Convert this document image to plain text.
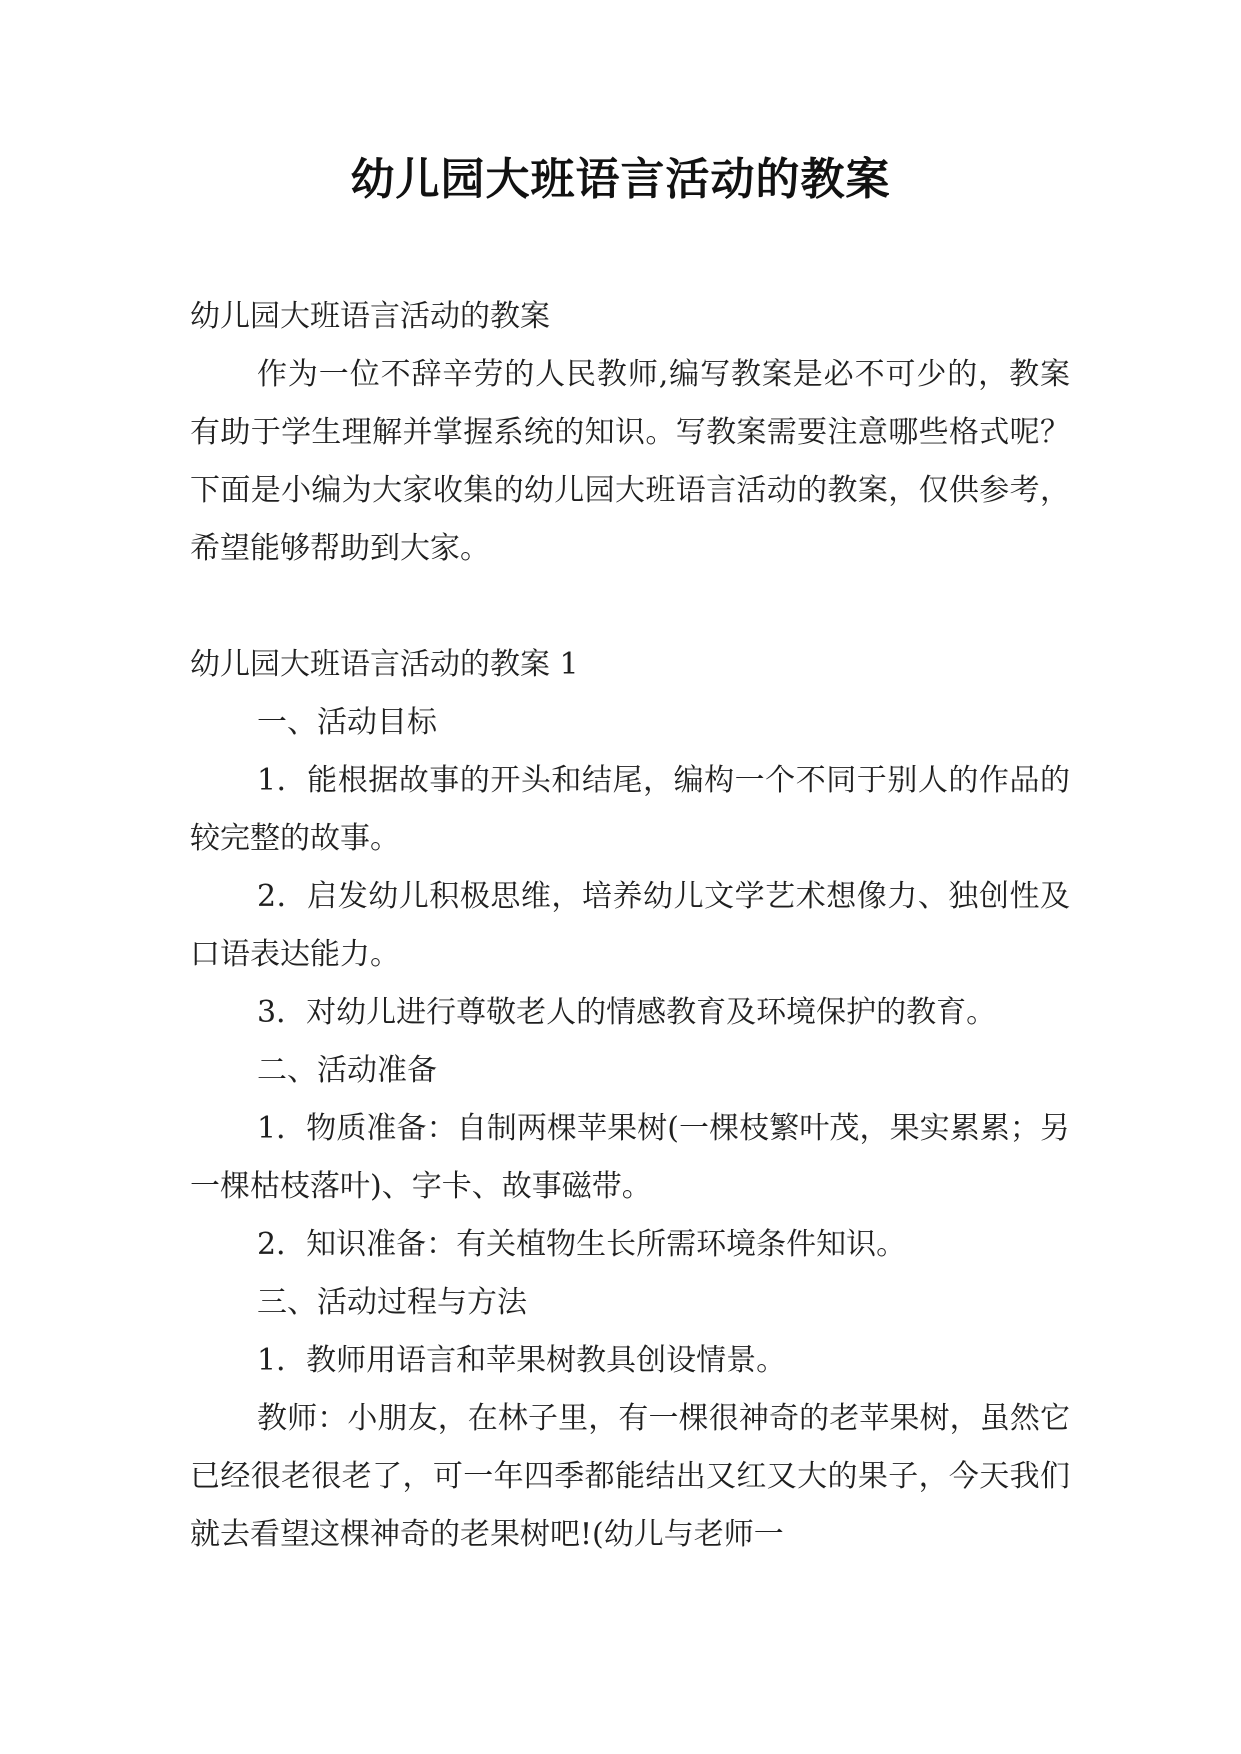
幼儿园大班语言活动的教案

幼儿园大班语言活动的教案

作为一位不辞辛劳的人民教师,编写教案是必不可少的，教案有助于学生理解并掌握系统的知识。写教案需要注意哪些格式呢？下面是小编为大家收集的幼儿园大班语言活动的教案，仅供参考，希望能够帮助到大家。

幼儿园大班语言活动的教案 1

一、活动目标

1．能根据故事的开头和结尾，编构一个不同于别人的作品的较完整的故事。

2．启发幼儿积极思维，培养幼儿文学艺术想像力、独创性及口语表达能力。

3．对幼儿进行尊敬老人的情感教育及环境保护的教育。

二、活动准备

1．物质准备：自制两棵苹果树(一棵枝繁叶茂，果实累累；另一棵枯枝落叶)、字卡、故事磁带。

2．知识准备：有关植物生长所需环境条件知识。

三、活动过程与方法

1．教师用语言和苹果树教具创设情景。

教师：小朋友，在林子里，有一棵很神奇的老苹果树，虽然它已经很老很老了，可一年四季都能结出又红又大的果子，今天我们就去看望这棵神奇的老果树吧!(幼儿与老师一
